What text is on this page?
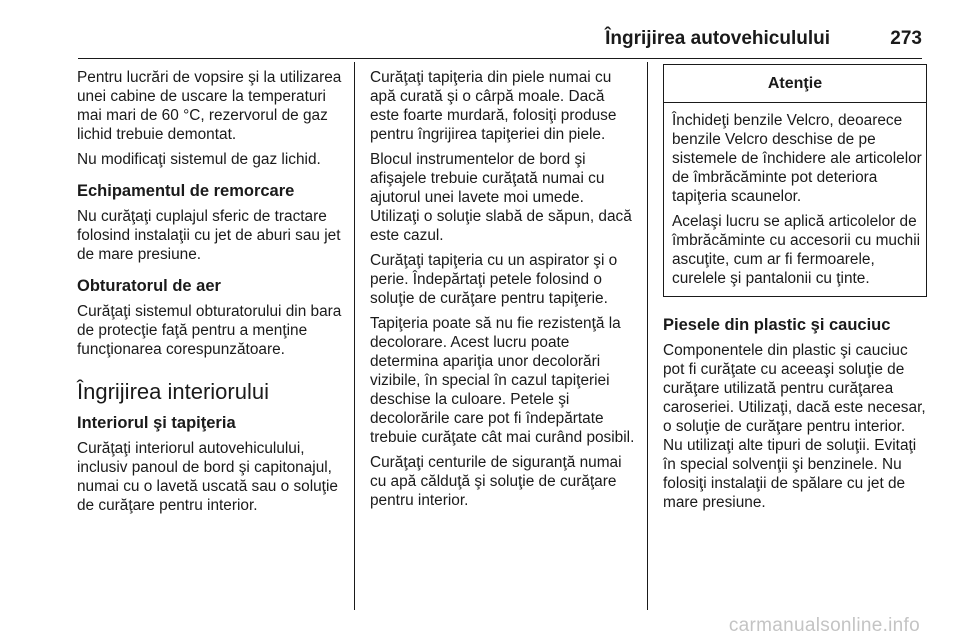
Îngrijirea autovehiculului	273

Pentru lucrări de vopsire şi la utilizarea unei cabine de uscare la temperaturi mai mari de 60 °C, rezervorul de gaz lichid trebuie demontat.

Nu modificaţi sistemul de gaz lichid.

Echipamentul de remorcare

Nu curăţaţi cuplajul sferic de tractare folosind instalaţii cu jet de aburi sau jet de mare presiune.

Obturatorul de aer

Curăţaţi sistemul obturatorului din bara de protecţie faţă pentru a menţine funcţionarea corespunzătoare.

Îngrijirea interiorului
Interiorul şi tapiţeria

Curăţaţi interiorul autovehiculului, inclusiv panoul de bord şi capitonajul, numai cu o lavetă uscată sau o soluţie de curăţare pentru interior.

Curăţaţi tapiţeria din piele numai cu apă curată şi o cârpă moale. Dacă este foarte murdară, folosiţi produse pentru îngrijirea tapiţeriei din piele.

Blocul instrumentelor de bord şi afişajele trebuie curăţată numai cu ajutorul unei lavete moi umede. Utilizaţi o soluţie slabă de săpun, dacă este cazul.

Curăţaţi tapiţeria cu un aspirator şi o perie. Îndepărtaţi petele folosind o soluţie de curăţare pentru tapiţerie.

Tapiţeria poate să nu fie rezistenţă la decolorare. Acest lucru poate determina apariţia unor decolorări vizibile, în special în cazul tapiţeriei deschise la culoare. Petele şi decolorările care pot fi îndepărtate trebuie curăţate cât mai curând posibil.

Curăţaţi centurile de siguranţă numai cu apă călduţă şi soluţie de curăţare pentru interior.

Atenţie

Închideţi benzile Velcro, deoarece benzile Velcro deschise de pe sistemele de închidere ale articolelor de îmbrăcăminte pot deteriora tapiţeria scaunelor.

Acelaşi lucru se aplică articolelor de îmbrăcăminte cu accesorii cu muchii ascuţite, cum ar fi fermoarele, curelele şi pantalonii cu ţinte.

Piesele din plastic şi cauciuc

Componentele din plastic şi cauciuc pot fi curăţate cu aceeaşi soluţie de curăţare utilizată pentru curăţarea caroseriei. Utilizaţi, dacă este necesar, o soluţie de curăţare pentru interior. Nu utilizaţi alte tipuri de soluţii. Evitaţi în special solvenţii şi benzinele. Nu folosiţi instalaţii de spălare cu jet de mare presiune.

carmanualsonline.info
